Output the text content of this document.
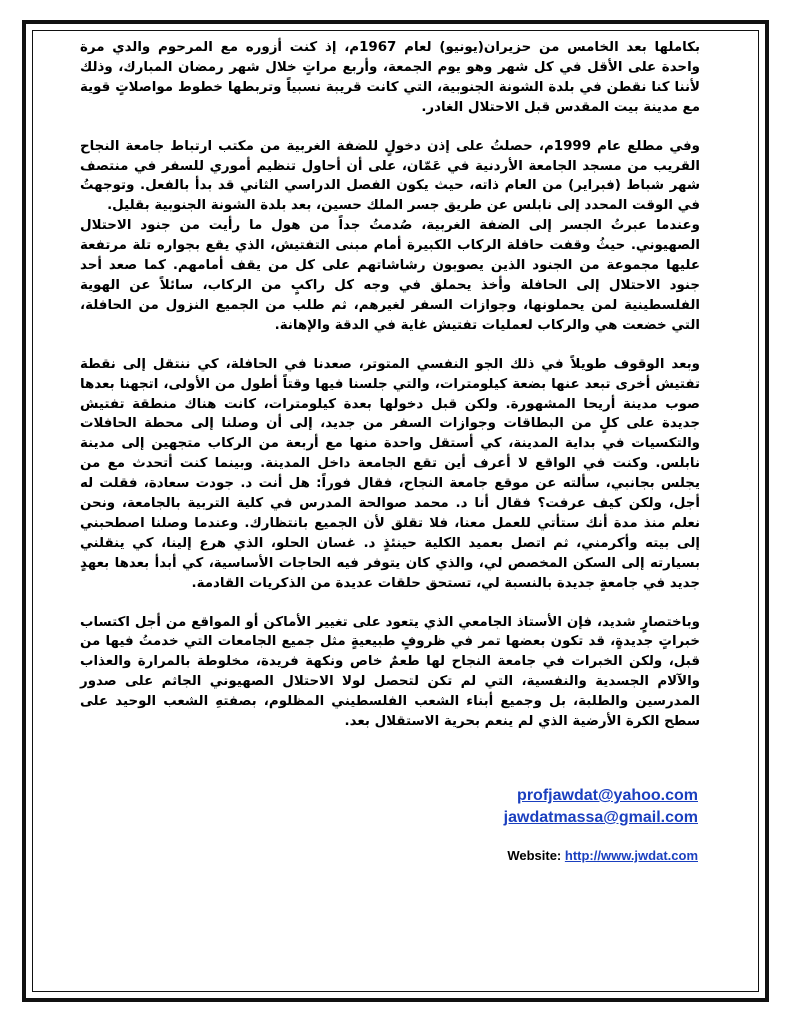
بكاملها بعد الخامس من حزيران(يونيو) لعام 1967م، إذ كنت أزوره مع المرحوم والدي مرة واحدة على الأقل في كل شهر وهو يوم الجمعة، وأربع مراتٍ خلال شهر رمضان المبارك، وذلك لأننا كنا نقطن في بلدة الشونة الجنوبية، التي كانت قريبة نسبياً وتربطها خطوط مواصلاتٍ قوية مع مدينة بيت المقدس قبل الاحتلال الغادر.

وفي مطلع عام 1999م، حصلتُ على إذن دخولٍ للضفة الغربية من مكتب ارتباط جامعة النجاح القريب من مسجد الجامعة الأردنية في عَمّان، على أن أحاول تنظيم أموري للسفر في منتصف شهر شباط (فبراير) من العام ذاته، حيث يكون الفصل الدراسي الثاني قد بدأ بالفعل. وتوجهتُ في الوقت المحدد إلى نابلس عن طريق جسر الملك حسين، بعد بلدة الشونة الجنوبية بقليل.

وعندما عبرتُ الجسر إلى الضفة الغربية، صُدمتُ جداً من هول ما رأيت من جنود الاحتلال الصهيوني. حيثُ وقفت حافلة الركاب الكبيرة أمام مبنى التفتيش، الذي يقع بجواره تلة مرتفعة عليها مجموعة من الجنود الذين يصوبون رشاشاتهم على كل من يقف أمامهم. كما صعد أحد جنود الاحتلال إلى الحافلة وأخذ يحملق في وجه كل راكبٍ من الركاب، سائلاً عن الهوية الفلسطينية لمن يحملونها، وجوازات السفر لغيرهم، ثم طلب من الجميع النزول من الحافلة، التي خضعت هي والركاب لعمليات تفتيش غاية في الدقة والإهانة.

وبعد الوقوف طويلاً في ذلك الجو النفسي المتوتر، صعدنا في الحافلة، كي ننتقل إلى نقطة تفتيش أخرى تبعد عنها بضعة كيلومترات، والتي جلسنا فيها وقتاً أطول من الأولى، اتجهنا بعدها صوب مدينة أريحا المشهورة. ولكن قبل دخولها بعدة كيلومترات، كانت هناك منطقة تفتيش جديدة على كلٍ من البطاقات وجوازات السفر من جديد، إلى أن وصلنا إلى محطة الحافلات والتكسيات في بداية المدينة، كي أستقل واحدة منها مع أربعة من الركاب متجهين إلى مدينة نابلس. وكنت في الواقع لا أعرف أين تقع الجامعة داخل المدينة. وبينما كنت أتحدث مع من يجلس بجانبي، سألته عن موقع جامعة النجاح، فقال فوراً: هل أنت د. جودت سعادة، فقلت له أجل، ولكن كيف عرفت؟ فقال أنا د. محمد صوالحة المدرس في كلية التربية بالجامعة، ونحن نعلم منذ مدة أنك ستأتي للعمل معنا، فلا تقلق لأن الجميع بانتظارك. وعندما وصلنا اصطحبني إلى بيته وأكرمني، ثم اتصل بعميد الكلية حينئذٍ د. غسان الحلو، الذي هرع إلينا، كي ينقلني بسيارته إلى السكن المخصص لي، والذي كان يتوفر فيه الحاجات الأساسية، كي أبدأ بعدها بعهدٍ جديد في جامعةٍ جديدة بالنسبة لي، تستحق حلقات عديدة من الذكريات القادمة.

وباختصارٍ شديد، فإن الأستاذ الجامعي الذي يتعود على تغيير الأماكن أو المواقع من أجل اكتساب خبراتٍ جديدةٍ، قد تكون بعضها تمر في ظروفٍ طبيعيةٍ مثل جميع الجامعات التي خدمتُ فيها من قبل، ولكن الخبرات في جامعة النجاح لها طعمٌ خاص ونكهة فريدة، مخلوطة بالمرارة والعذاب والآلام الجسدية والنفسية، التي لم تكن لتحصل لولا الاحتلال الصهيوني الجاثم على صدور المدرسين والطلبة، بل وجميع أبناء الشعب الفلسطيني المظلوم، بصفتهِ الشعب الوحيد على سطح الكرة الأرضية الذي لم ينعم بحرية الاستقلال بعد.

profjawdat@yahoo.com
jawdatmassa@gmail.com
Website: http://www.jwdat.com
